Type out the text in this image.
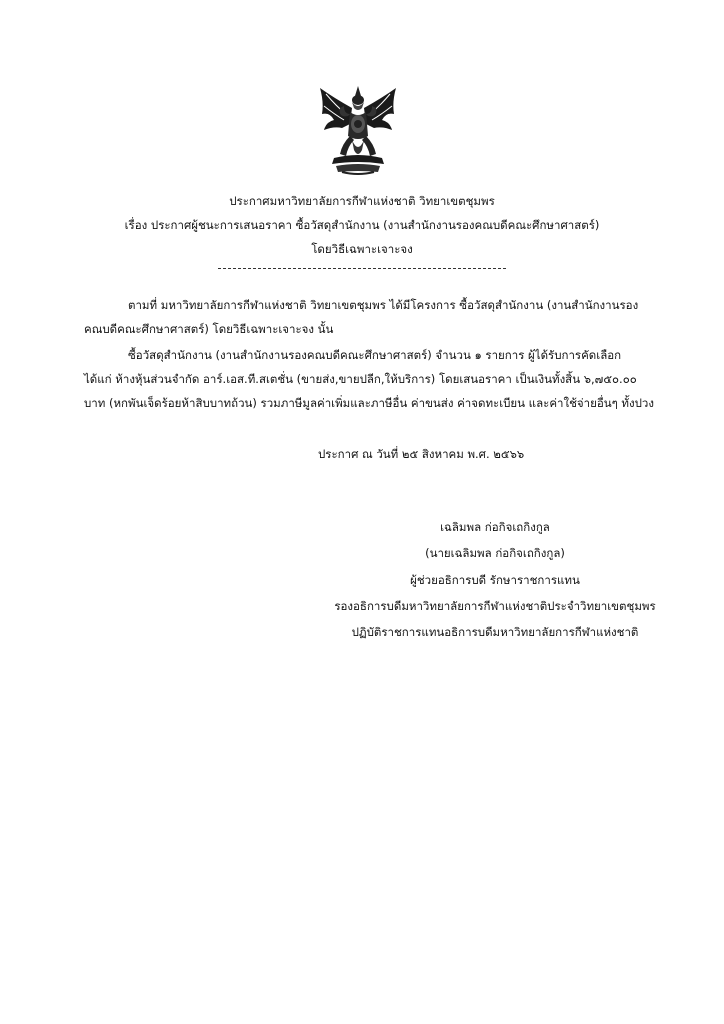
ประกาศมหาวิทยาลัยการกีฬาแห่งชาติ วิทยาเขตชุมพร
เรื่อง ประกาศผู้ชนะการเสนอราคา ซื้อวัสดุสำนักงาน (งานสำนักงานรองคณบดีคณะศึกษาศาสตร์)
โดยวิธีเฉพาะเจาะจง
ตามที่ มหาวิทยาลัยการกีฬาแห่งชาติ วิทยาเขตชุมพร ได้มีโครงการ ซื้อวัสดุสำนักงาน (งานสำนักงานรอง
คณบดีคณะศึกษาศาสตร์) โดยวิธีเฉพาะเจาะจง นั้น
ซื้อวัสดุสำนักงาน (งานสำนักงานรองคณบดีคณะศึกษาศาสตร์) จำนวน ๑ รายการ ผู้ได้รับการคัดเลือก
ได้แก่ ห้างหุ้นส่วนจำกัด อาร์.เอส.ที.สเตชั่น (ขายส่ง,ขายปลีก,ให้บริการ) โดยเสนอราคา เป็นเงินทั้งสิ้น ๖,๗๕๐.๐๐
บาท (หกพันเจ็ดร้อยห้าสิบบาทถ้วน) รวมภาษีมูลค่าเพิ่มและภาษีอื่น ค่าขนส่ง ค่าจดทะเบียน และค่าใช้จ่ายอื่นๆ ทั้งปวง
ประกาศ ณ วันที่ ๒๕ สิงหาคม พ.ศ. ๒๕๖๖
เฉลิมพล ก่อกิจเถกิงกูล
(นายเฉลิมพล ก่อกิจเถกิงกูล)
ผู้ช่วยอธิการบดี รักษาราชการแทน
รองอธิการบดีมหาวิทยาลัยการกีฬาแห่งชาติประจำวิทยาเขตชุมพร
ปฏิบัติราชการแทนอธิการบดีมหาวิทยาลัยการกีฬาแห่งชาติ
